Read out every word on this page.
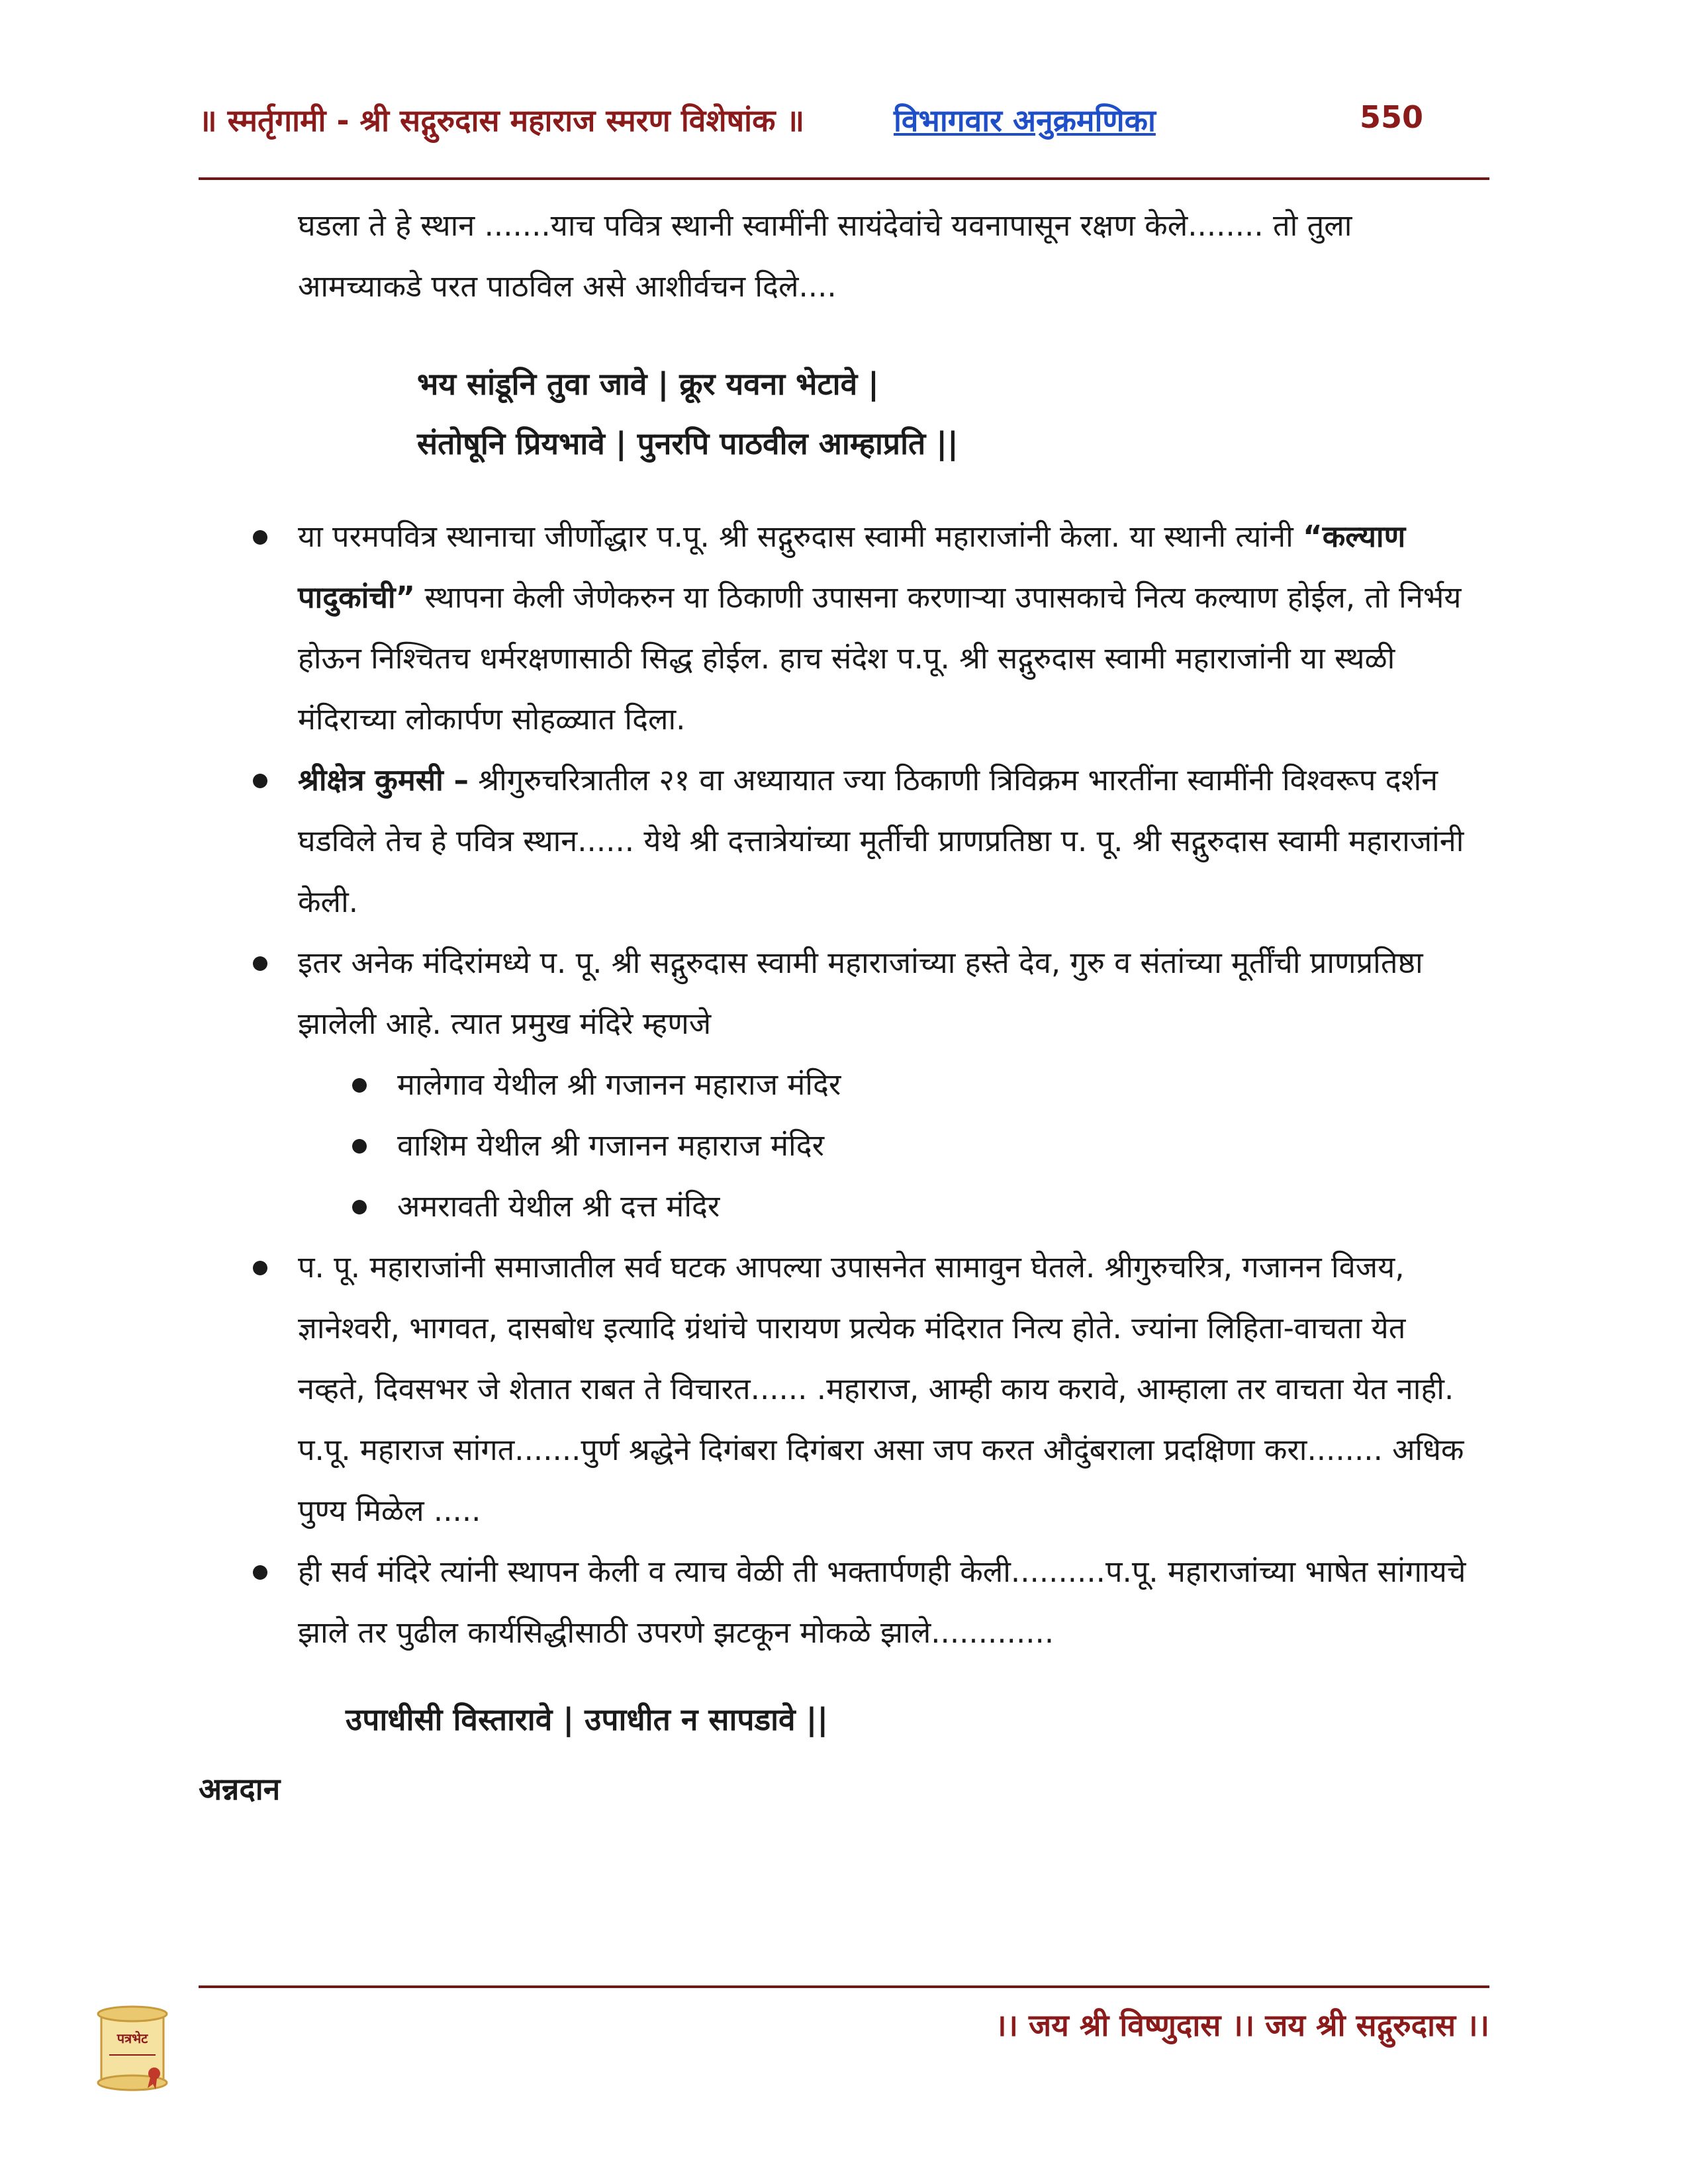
॥ स्मर्तृगामी - श्री सद्गुरुदास महाराज स्मरण विशेषांक ॥	विभागवार अनुक्रमणिका	550

घडला ते हे स्थान .......याच पवित्र स्थानी स्वामींनी सायंदेवांचे यवनापासून रक्षण केले........ तो तुला आमच्याकडे परत पाठविल असे आशीर्वचन दिले....

भय सांडूनि तुवा जावे | क्रूर यवना भेटावे |
संतोषूनि प्रियभावे | पुनरपि पाठवील आम्हाप्रति ||
या परमपवित्र स्थानाचा जीर्णोद्धार प.पू. श्री सद्गुरुदास स्वामी महाराजांनी केला. या स्थानी त्यांनी “कल्याण पादुकांची” स्थापना केली जेणेकरुन या ठिकाणी उपासना करणाऱ्या उपासकाचे नित्य कल्याण होईल, तो निर्भय होऊन निश्चितच धर्मरक्षणासाठी सिद्ध होईल. हाच संदेश प.पू. श्री सद्गुरुदास स्वामी महाराजांनी या स्थळी मंदिराच्या लोकार्पण सोहळ्यात दिला.
श्रीक्षेत्र कुमसी – श्रीगुरुचरित्रातील २१ वा अध्यायात ज्या ठिकाणी त्रिविक्रम भारतींना स्वामींनी विश्वरूप दर्शन घडविले तेच हे पवित्र स्थान...... येथे श्री दत्तात्रेयांच्या मूर्तीची प्राणप्रतिष्ठा प. पू. श्री सद्गुरुदास स्वामी महाराजांनी केली.
इतर अनेक मंदिरांमध्ये प. पू. श्री सद्गुरुदास स्वामी महाराजांच्या हस्ते देव, गुरु व संतांच्या मूर्तींची प्राणप्रतिष्ठा झालेली आहे. त्यात प्रमुख मंदिरे म्हणजे
मालेगाव येथील श्री गजानन महाराज मंदिर
वाशिम येथील श्री गजानन महाराज मंदिर
अमरावती येथील श्री दत्त मंदिर
प. पू. महाराजांनी समाजातील सर्व घटक आपल्या उपासनेत सामावुन घेतले. श्रीगुरुचरित्र, गजानन विजय, ज्ञानेश्वरी, भागवत, दासबोध इत्यादि ग्रंथांचे पारायण प्रत्येक मंदिरात नित्य होते. ज्यांना लिहिता-वाचता येत नव्हते, दिवसभर जे शेतात राबत ते विचारत...... .महाराज, आम्ही काय करावे, आम्हाला तर वाचता येत नाही. प.पू. महाराज सांगत.......पुर्ण श्रद्धेने दिगंबरा दिगंबरा असा जप करत औदुंबराला प्रदक्षिणा करा........ अधिक पुण्य मिळेल .....
ही सर्व मंदिरे त्यांनी स्थापन केली व त्याच वेळी ती भक्तार्पणही केली..........प.पू. महाराजांच्या भाषेत सांगायचे झाले तर पुढील कार्यसिद्धीसाठी उपरणे झटकून मोकळे झाले.............
उपाधीसी विस्तारावे | उपाधीत न सापडावे ||
अन्नदान
पत्रभेट	।। जय श्री विष्णुदास ।। जय श्री सद्गुरुदास ।।
